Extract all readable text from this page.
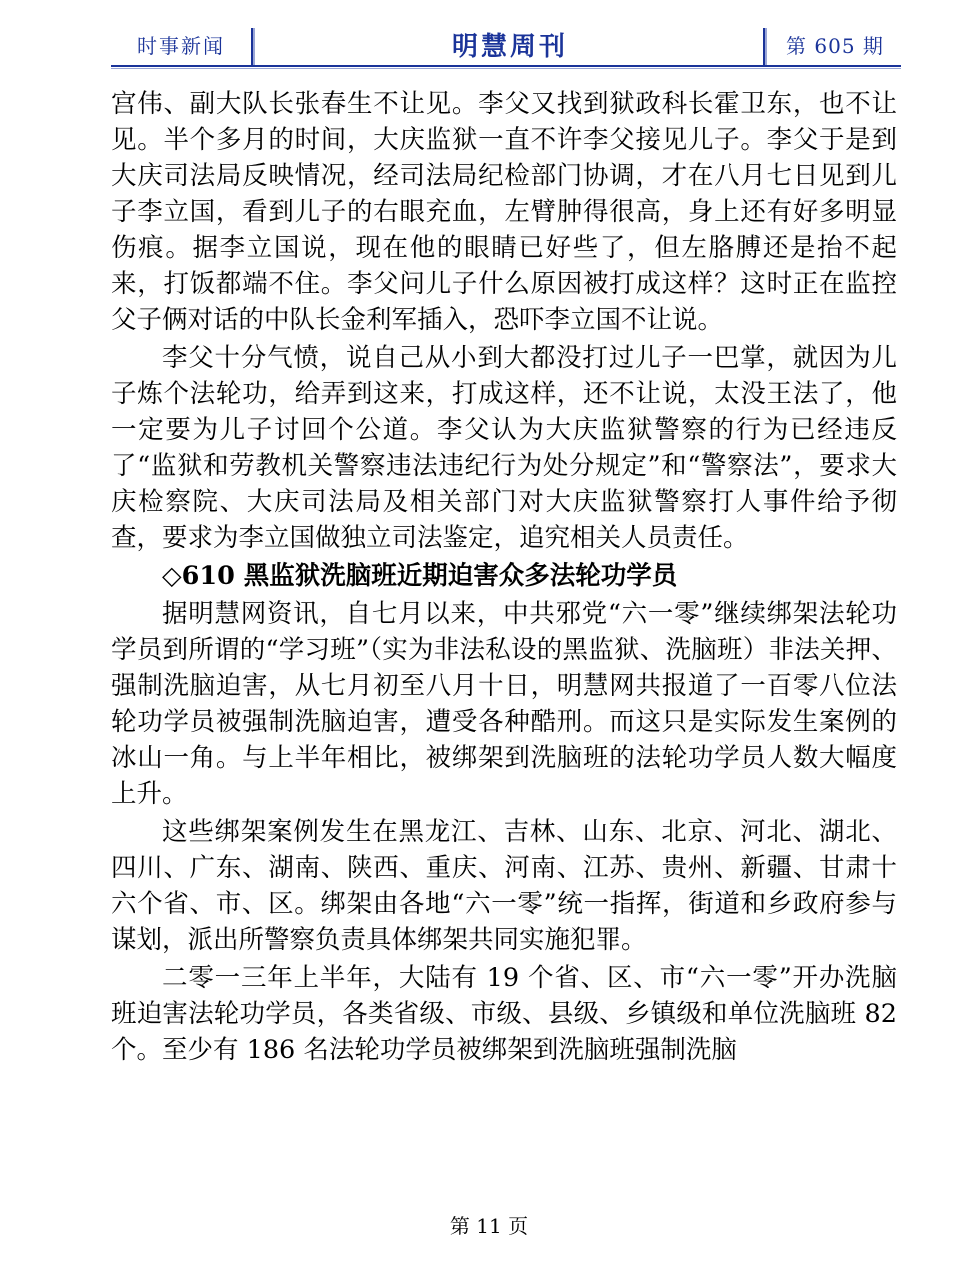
时事新闻	明慧周刊	第 605 期

宫伟、副大队长张春生不让见。李父又找到狱政科长霍卫东，也不让见。半个多月的时间，大庆监狱一直不许李父接见儿子。李父于是到大庆司法局反映情况，经司法局纪检部门协调，才在八月七日见到儿子李立国，看到儿子的右眼充血，左臂肿得很高，身上还有好多明显伤痕。据李立国说，现在他的眼睛已好些了，但左胳膊还是抬不起来，打饭都端不住。李父问儿子什么原因被打成这样？这时正在监控父子俩对话的中队长金利军插入，恐吓李立国不让说。

李父十分气愤，说自己从小到大都没打过儿子一巴掌，就因为儿子炼个法轮功，给弄到这来，打成这样，还不让说，太没王法了，他一定要为儿子讨回个公道。李父认为大庆监狱警察的行为已经违反了“监狱和劳教机关警察违法违纪行为处分规定”和“警察法”，要求大庆检察院、大庆司法局及相关部门对大庆监狱警察打人事件给予彻查，要求为李立国做独立司法鉴定，追究相关人员责任。

◇610 黑监狱洗脑班近期迫害众多法轮功学员

据明慧网资讯，自七月以来，中共邪党“六一零”继续绑架法轮功学员到所谓的“学习班”（实为非法私设的黑监狱、洗脑班）非法关押、强制洗脑迫害，从七月初至八月十日，明慧网共报道了一百零八位法轮功学员被强制洗脑迫害，遭受各种酷刑。而这只是实际发生案例的冰山一角。与上半年相比，被绑架到洗脑班的法轮功学员人数大幅度上升。

这些绑架案例发生在黑龙江、吉林、山东、北京、河北、湖北、四川、广东、湖南、陕西、重庆、河南、江苏、贵州、新疆、甘肃十六个省、市、区。绑架由各地“六一零”统一指挥，街道和乡政府参与谋划，派出所警察负责具体绑架共同实施犯罪。

二零一三年上半年，大陆有 19 个省、区、市“六一零”开办洗脑班迫害法轮功学员，各类省级、市级、县级、乡镇级和单位洗脑班 82 个。至少有 186 名法轮功学员被绑架到洗脑班强制洗脑

第 11 页
